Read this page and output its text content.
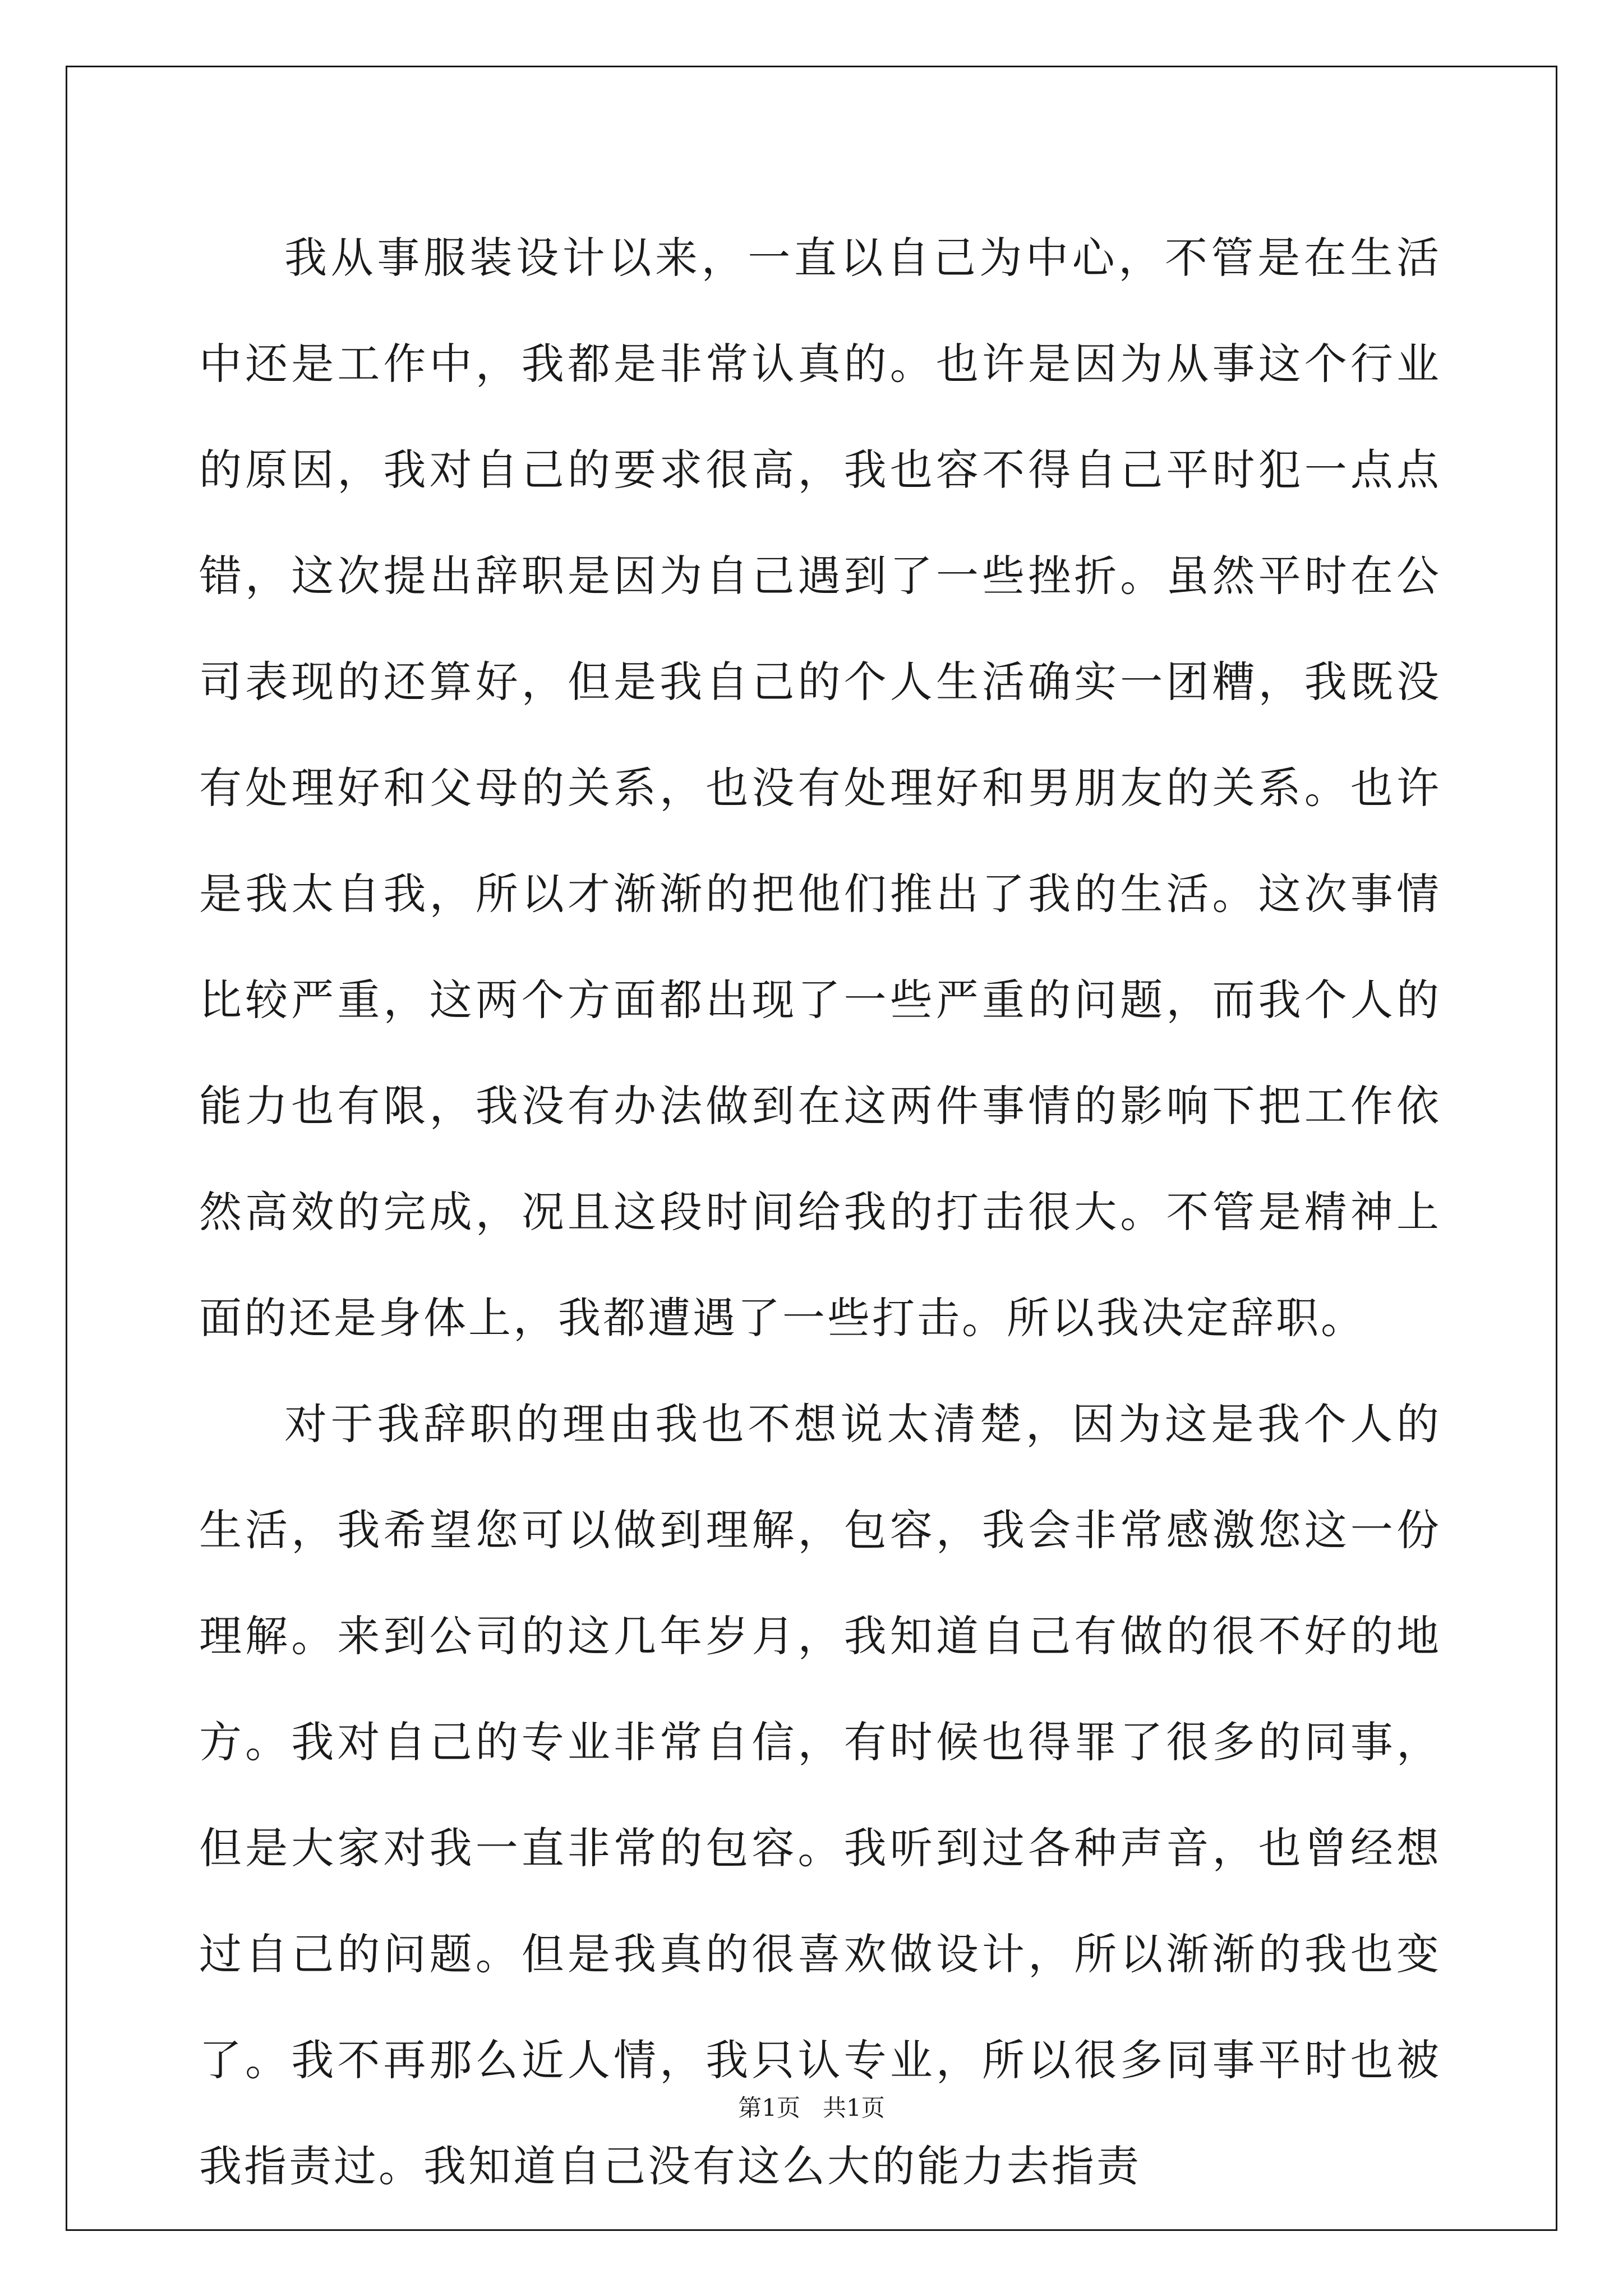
我从事服装设计以来，一直以自己为中心，不管是在生活中还是工作中，我都是非常认真的。也许是因为从事这个行业的原因，我对自己的要求很高，我也容不得自己平时犯一点点错，这次提出辞职是因为自己遇到了一些挫折。虽然平时在公司表现的还算好，但是我自己的个人生活确实一团糟，我既没有处理好和父母的关系，也没有处理好和男朋友的关系。也许是我太自我，所以才渐渐的把他们推出了我的生活。这次事情比较严重，这两个方面都出现了一些严重的问题，而我个人的能力也有限，我没有办法做到在这两件事情的影响下把工作依然高效的完成，况且这段时间给我的打击很大。不管是精神上面的还是身体上，我都遭遇了一些打击。所以我决定辞职。

对于我辞职的理由我也不想说太清楚，因为这是我个人的生活，我希望您可以做到理解，包容，我会非常感激您这一份理解。来到公司的这几年岁月，我知道自己有做的很不好的地方。我对自己的专业非常自信，有时候也得罪了很多的同事，但是大家对我一直非常的包容。我听到过各种声音，也曾经想过自己的问题。但是我真的很喜欢做设计，所以渐渐的我也变了。我不再那么近人情，我只认专业，所以很多同事平时也被我指责过。我知道自己没有这么大的能力去指责

第1页 共1页
